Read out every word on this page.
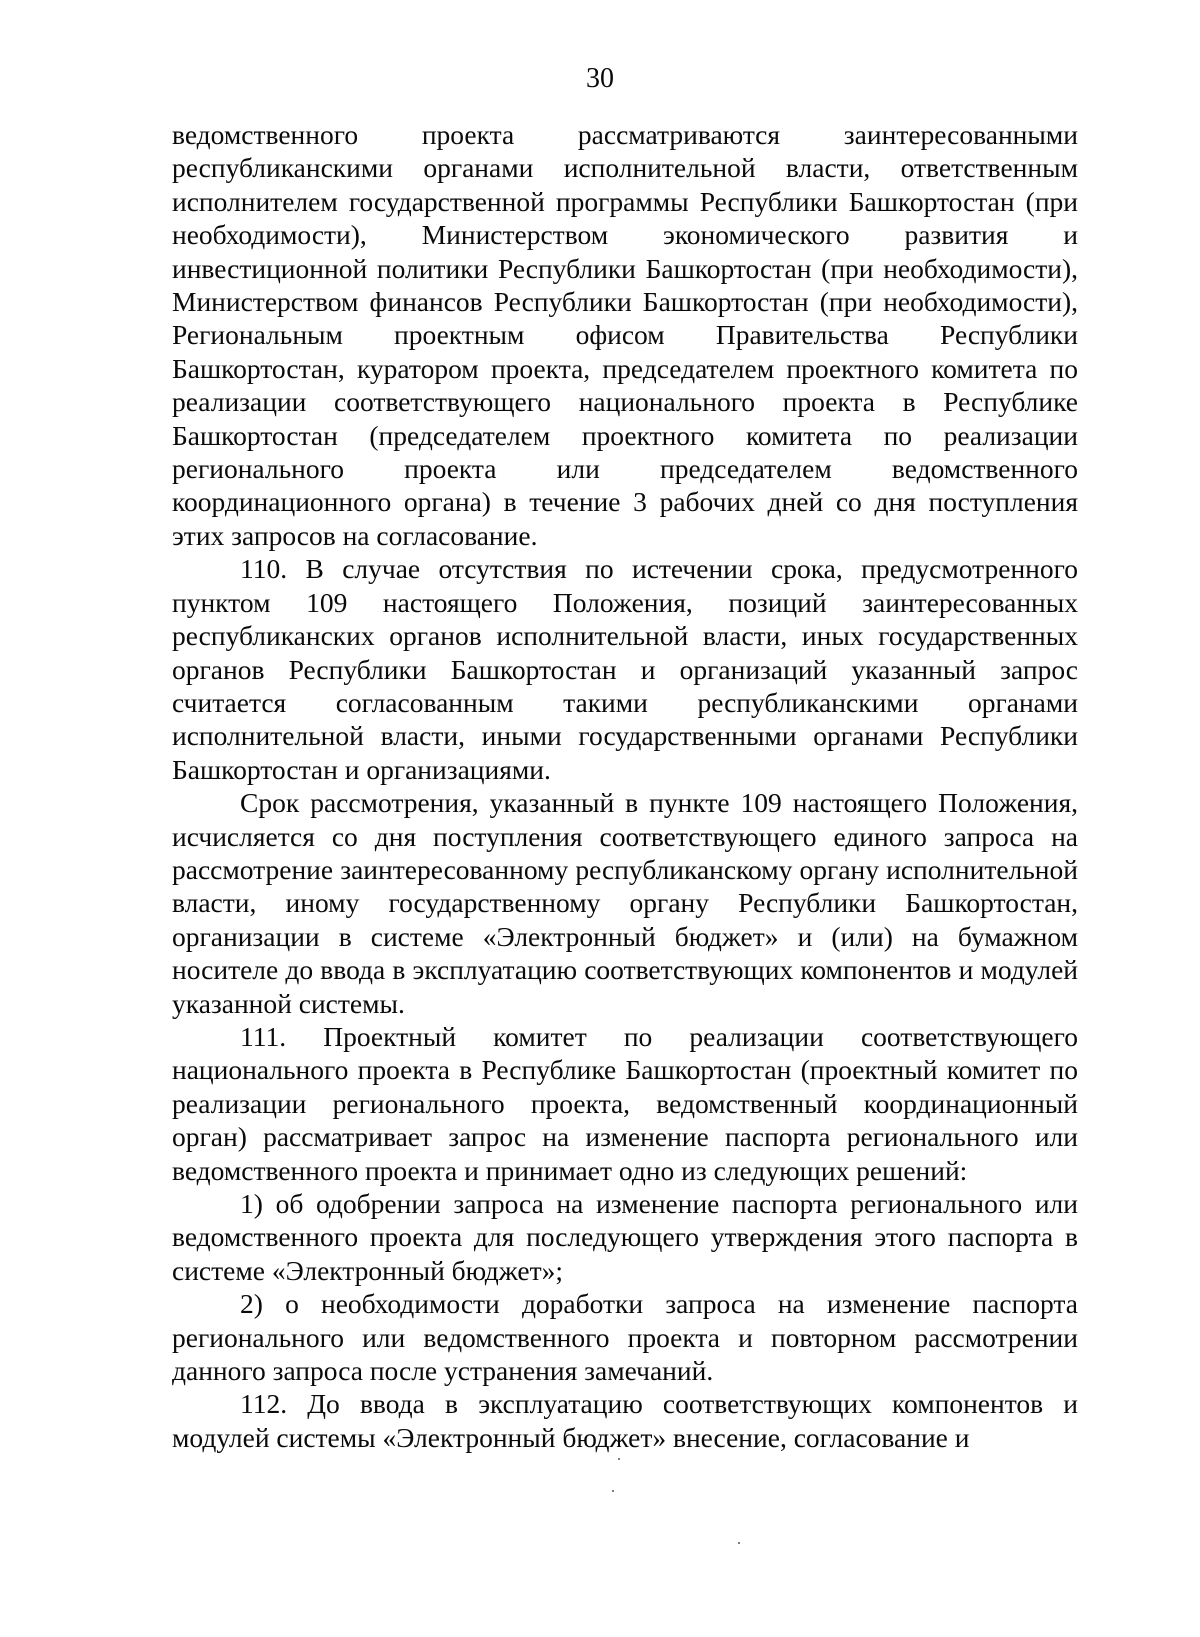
30

ведомственного проекта рассматриваются заинтересованными республиканскими органами исполнительной власти, ответственным исполнителем государственной программы Республики Башкортостан (при необходимости), Министерством экономического развития и инвестиционной политики Республики Башкортостан (при необходимости), Министерством финансов Республики Башкортостан (при необходимости), Региональным проектным офисом Правительства Республики Башкортостан, куратором проекта, председателем проектного комитета по реализации соответствующего национального проекта в Республике Башкортостан (председателем проектного комитета по реализации регионального проекта или председателем ведомственного координационного органа) в течение 3 рабочих дней со дня поступления этих запросов на согласование.

110. В случае отсутствия по истечении срока, предусмотренного пунктом 109 настоящего Положения, позиций заинтересованных республиканских органов исполнительной власти, иных государственных органов Республики Башкортостан и организаций указанный запрос считается согласованным такими республиканскими органами исполнительной власти, иными государственными органами Республики Башкортостан и организациями.

Срок рассмотрения, указанный в пункте 109 настоящего Положения, исчисляется со дня поступления соответствующего единого запроса на рассмотрение заинтересованному республиканскому органу исполнительной власти, иному государственному органу Республики Башкортостан, организации в системе «Электронный бюджет» и (или) на бумажном носителе до ввода в эксплуатацию соответствующих компонентов и модулей указанной системы.

111. Проектный комитет по реализации соответствующего национального проекта в Республике Башкортостан (проектный комитет по реализации регионального проекта, ведомственный координационный орган) рассматривает запрос на изменение паспорта регионального или ведомственного проекта и принимает одно из следующих решений:

1) об одобрении запроса на изменение паспорта регионального или ведомственного проекта для последующего утверждения этого паспорта в системе «Электронный бюджет»;

2) о необходимости доработки запроса на изменение паспорта регионального или ведомственного проекта и повторном рассмотрении данного запроса после устранения замечаний.

112. До ввода в эксплуатацию соответствующих компонентов и модулей системы «Электронный бюджет» внесение, согласование и
